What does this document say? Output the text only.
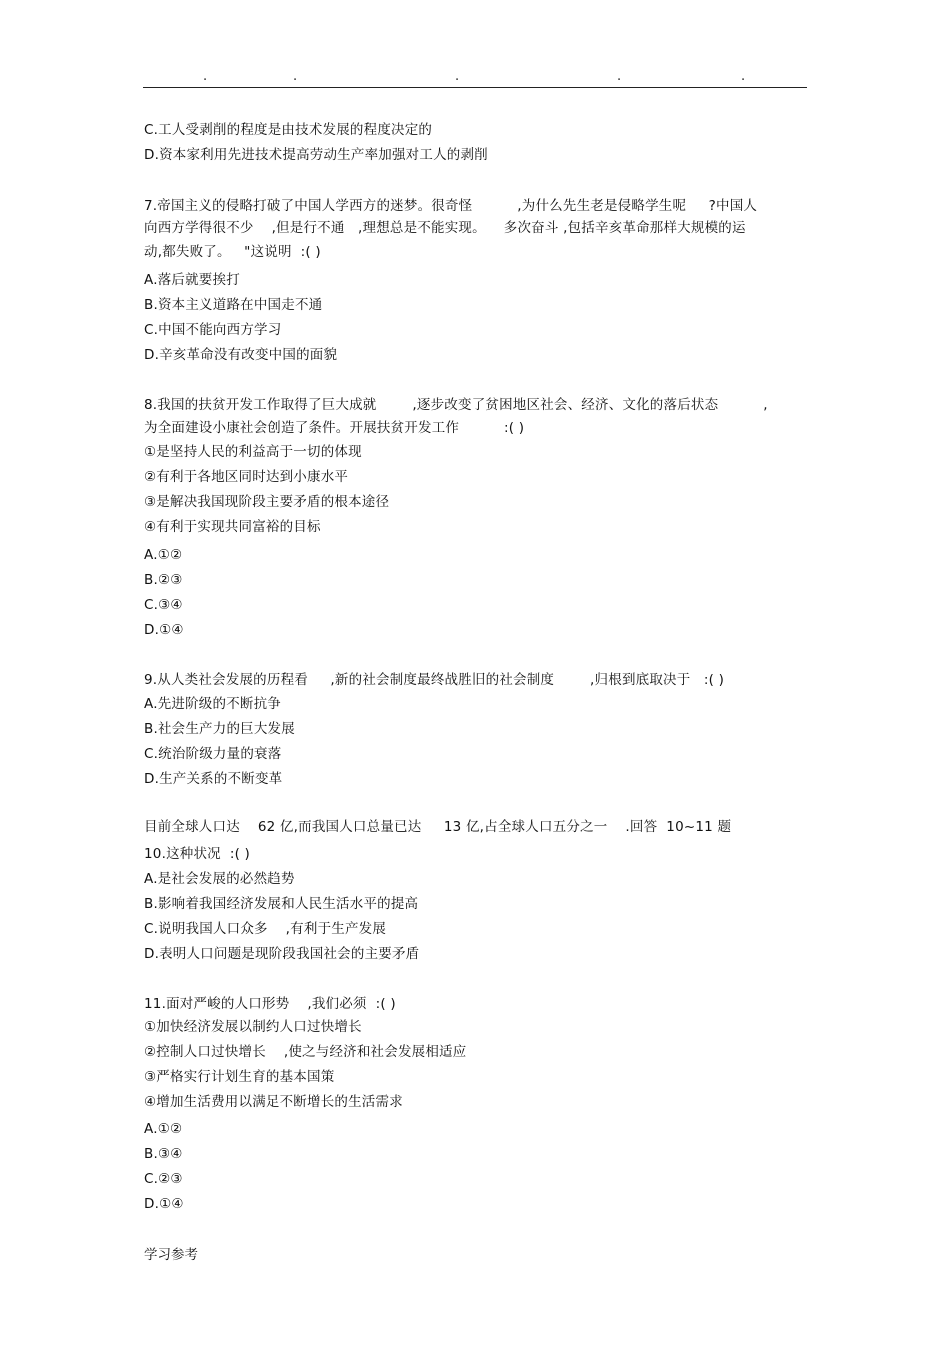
.	.	.	.	.
C.工人受剥削的程度是由技术发展的程度决定的
D.资本家利用先进技术提高劳动生产率加强对工人的剥削
7.帝国主义的侵略打破了中国人学西方的迷梦。很奇怪          ,为什么先生老是侵略学生呢     ?中国人
向西方学得很不少    ,但是行不通   ,理想总是不能实现。    多次奋斗 ,包括辛亥革命那样大规模的运
动,都失败了。   "这说明  :( )
A.落后就要挨打
B.资本主义道路在中国走不通
C.中国不能向西方学习
D.辛亥革命没有改变中国的面貌
8.我国的扶贫开发工作取得了巨大成就        ,逐步改变了贫困地区社会、经济、文化的落后状态          ,
为全面建设小康社会创造了条件。开展扶贫开发工作          :( )
①是坚持人民的利益高于一切的体现
②有利于各地区同时达到小康水平
③是解决我国现阶段主要矛盾的根本途径
④有利于实现共同富裕的目标
A.①②
B.②③
C.③④
D.①④
9.从人类社会发展的历程看     ,新的社会制度最终战胜旧的社会制度        ,归根到底取决于   :( )
A.先进阶级的不断抗争
B.社会生产力的巨大发展
C.统治阶级力量的衰落
D.生产关系的不断变革
目前全球人口达    62 亿,而我国人口总量已达     13 亿,占全球人口五分之一    .回答  10~11 题
10.这种状况  :( )
A.是社会发展的必然趋势
B.影响着我国经济发展和人民生活水平的提高
C.说明我国人口众多    ,有利于生产发展
D.表明人口问题是现阶段我国社会的主要矛盾
11.面对严峻的人口形势    ,我们必须  :( )
①加快经济发展以制约人口过快增长
②控制人口过快增长    ,使之与经济和社会发展相适应
③严格实行计划生育的基本国策
④增加生活费用以满足不断增长的生活需求
A.①②
B.③④
C.②③
D.①④
学习参考
